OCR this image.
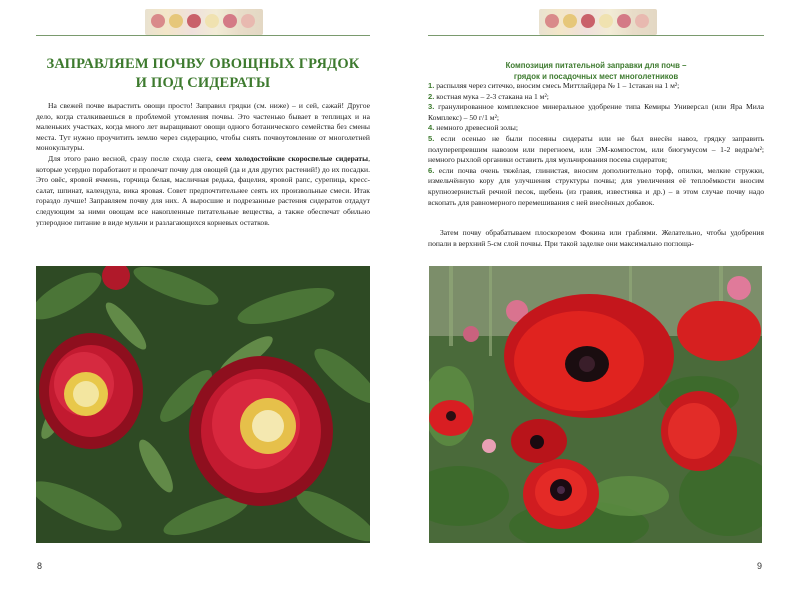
ЗАПРАВЛЯЕМ ПОЧВУ ОВОЩНЫХ ГРЯДОК
И ПОД СИДЕРАТЫ

На свежей почве вырастить овощи просто! Заправил грядки (см. ниже) – и сей, сажай! Другое дело, когда сталкиваешься в проблемой утомления почвы. Это частенько бывает в теплицах и на маленьких участках, когда много лет выращивают овощи одного ботанического семейства без смены места. Тут нужно проучитить землю через сидерацию, чтобы снять почвоутомление от многолетней монокультуры.

Для этого рано весной, сразу после схода снега, сеем холодостойкие скороспелые сидераты, которые усердно поработают и пролечат почву для овощей (да и для других растений!) до их посадки. Это овёс, яровой ячмень, горчица белая, масличная редька, фацелия, яровой рапс, сурепица, кресс-салат, шпинат, календула, вика яровая. Совет предпочтительнее сеять их произвольные смеси. Итак гораздо лучше! Заправляем почву для них. А выросшие и подрезанные растения сидератов отдадут следующим за ними овощам все накопленные питательные вещества, а также обеспечат обильно углеродное питание в виде мульчи и разлагающихся корневых остатков.

8
Композиция питательной заправки для почв –
грядок и посадочных мест многолетников
1. распыляя через ситечко, вносим смесь Миттлайдера № 1 – 1стакан на 1 м²;
2. костная мука – 2-3 стакана на 1 м²;
3. гранулированное комплексное минеральное удобрение типа Кемиры Универсал (или Яра Мила Комплекс) – 50 г/1 м²;
4. немного древесной золы;
5. если осенью не были посеяны сидераты или не был внесён навоз, грядку заправить полуперепревшим навозом или перегноем, или ЭМ-компостом, или биогумусом – 1-2 ведра/м²; немного рыхлой органики оставить для мульчирования посева сидератов;
6. если почва очень тяжёлая, глинистая, вносим дополнительно торф, опилки, мелкие стружки, измельчённую кору для улучшения структуры почвы; для увеличения её теплоёмкости вносим крупнозернистый речной песок, щебень (из гравия, известняка и др.) – в этом случае почву надо вскопать для равномерного перемешивания с ней внесённых добавок.

Затем почву обрабатываем плоскорезом Фокина или граблями. Желательно, чтобы удобрения попали в верхний 5-см слой почвы. При такой заделке они максимально поглоща-

9
